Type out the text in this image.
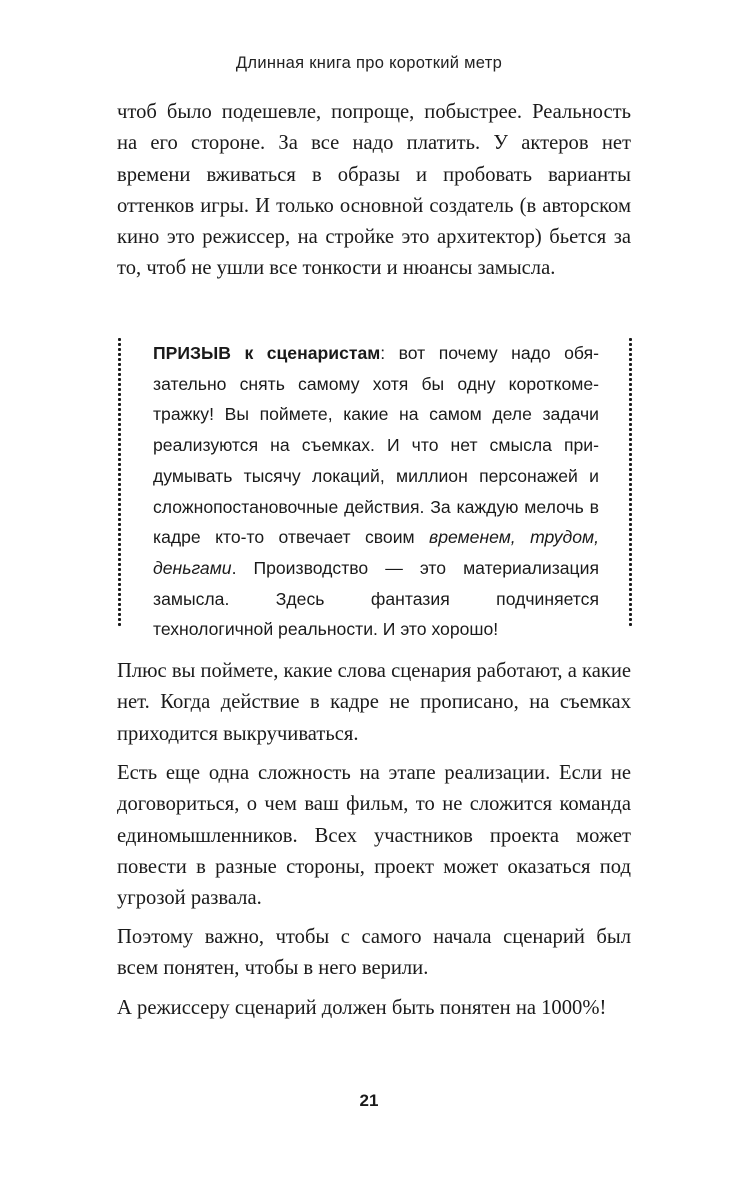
Длинная книга про короткий метр

чтоб было подешевле, попроще, побыстрее. Реальность на его стороне. За все надо платить. У актеров нет времени вживаться в образы и пробовать варианты оттенков игры. И только основной создатель (в авторском кино это режиссер, на стройке это архитектор) бьется за то, чтоб не ушли все тонкости и нюансы замысла.

ПРИЗЫВ к сценаристам: вот почему надо обязательно снять самому хотя бы одну короткометражку! Вы поймете, какие на самом деле задачи реализуются на съемках. И что нет смысла придумывать тысячу локаций, миллион персонажей и сложнопостановочные действия. За каждую мелочь в кадре кто-то отвечает своим временем, трудом, деньгами. Производство — это материализация замысла. Здесь фантазия подчиняется технологичной реальности. И это хорошо!

Плюс вы поймете, какие слова сценария работают, а какие нет. Когда действие в кадре не прописано, на съемках приходится выкручиваться.

Есть еще одна сложность на этапе реализации. Если не договориться, о чем ваш фильм, то не сложится команда единомышленников. Всех участников проекта может повести в разные стороны, проект может оказаться под угрозой развала.

Поэтому важно, чтобы с самого начала сценарий был всем понятен, чтобы в него верили.

А режиссеру сценарий должен быть понятен на 1000%!

21
